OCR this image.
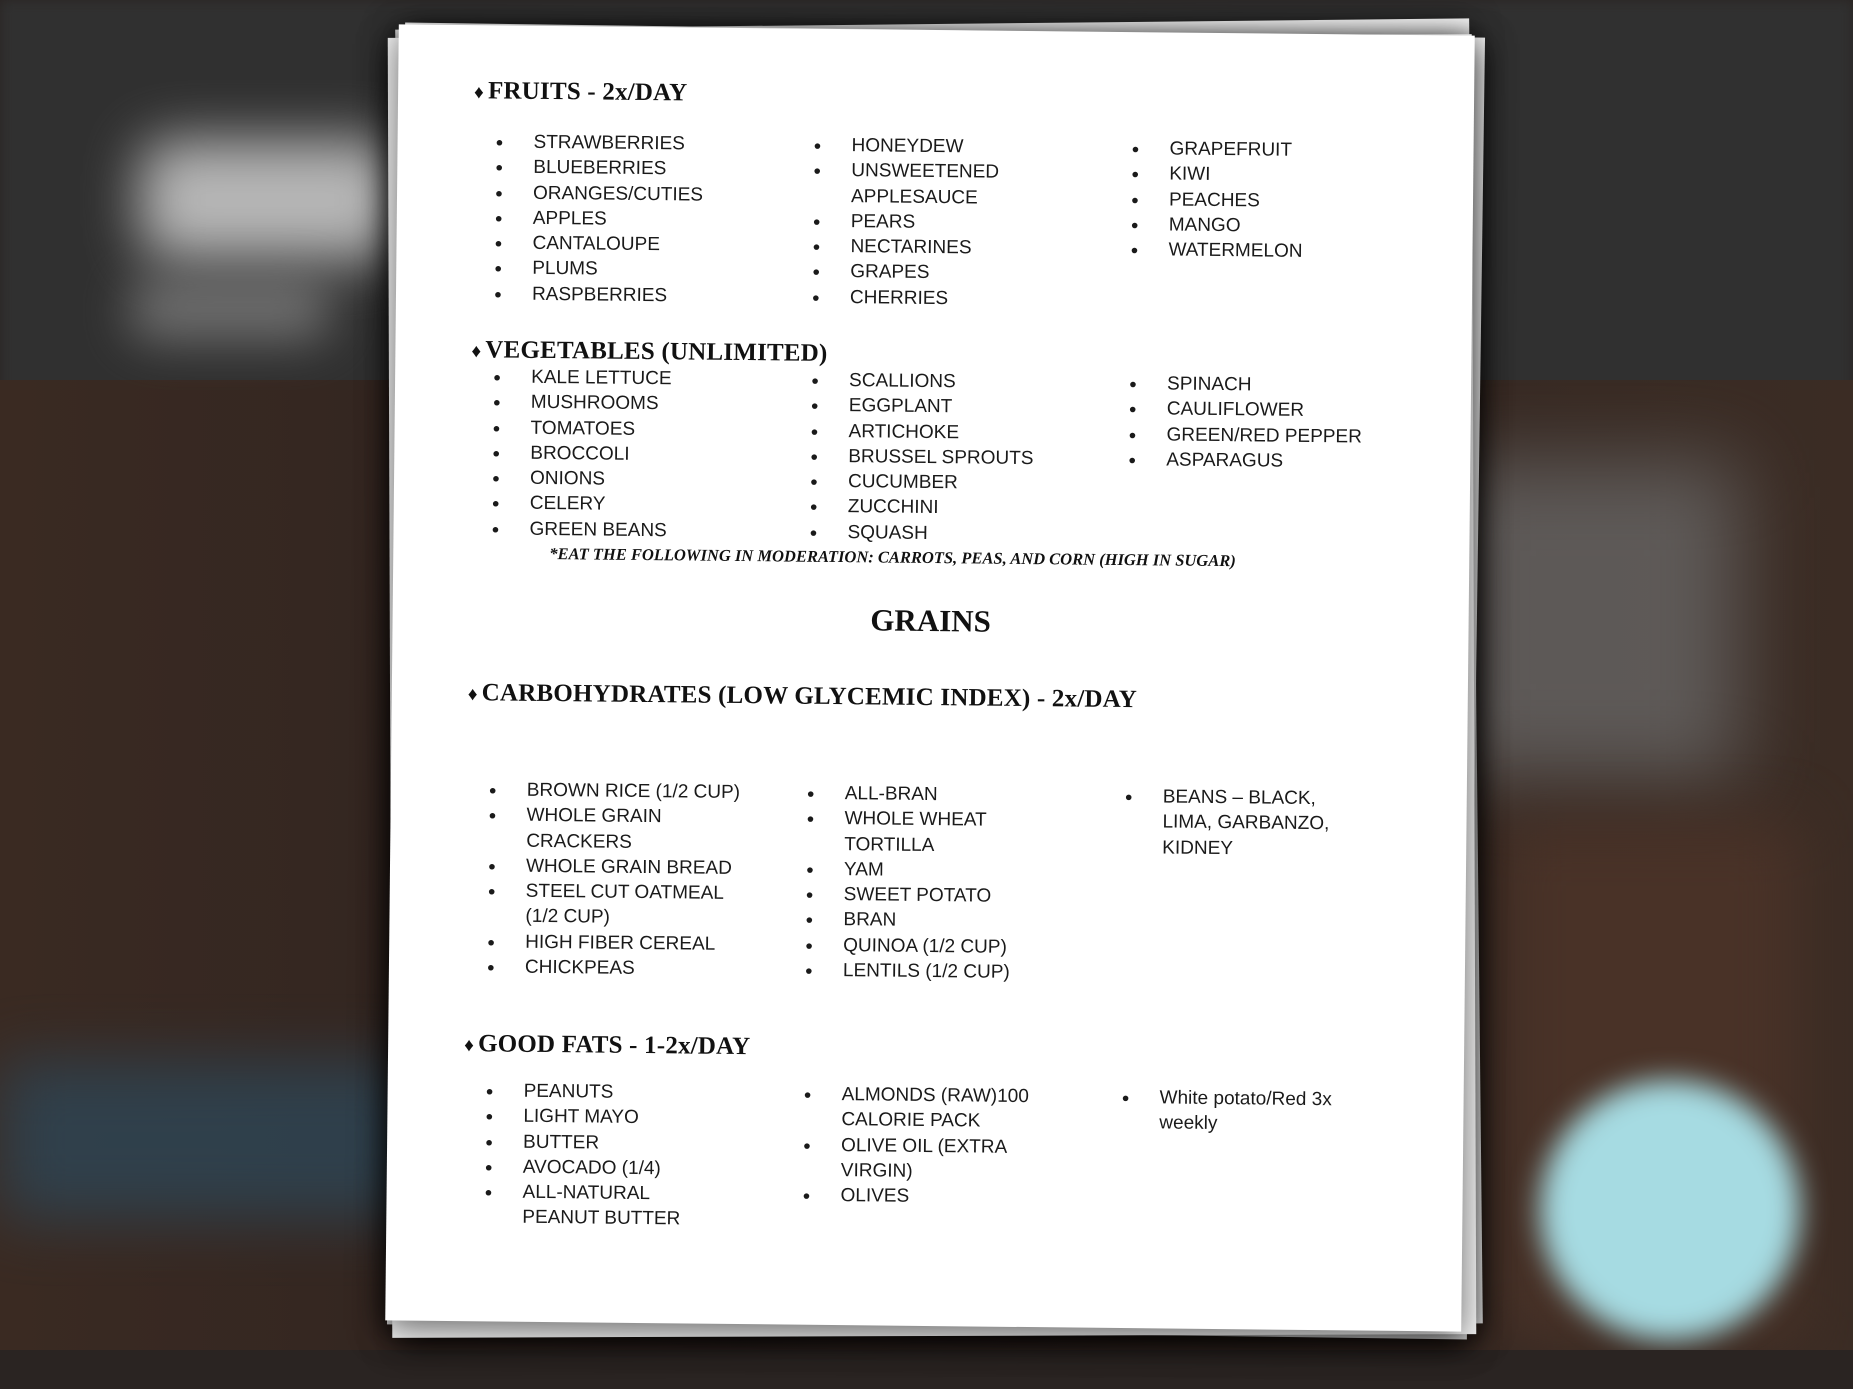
♦ FRUITS - 2x/DAY
● STRAWBERRIES
● BLUEBERRIES
● ORANGES/CUTIES
● APPLES
● CANTALOUPE
● PLUMS
● RASPBERRIES
● HONEYDEW
● UNSWEETENED
APPLESAUCE
● PEARS
● NECTARINES
● GRAPES
● CHERRIES
● GRAPEFRUIT
● KIWI
● PEACHES
● MANGO
● WATERMELON
♦ VEGETABLES (UNLIMITED)
● KALE LETTUCE
● MUSHROOMS
● TOMATOES
● BROCCOLI
● ONIONS
● CELERY
● GREEN BEANS
● SCALLIONS
● EGGPLANT
● ARTICHOKE
● BRUSSEL SPROUTS
● CUCUMBER
● ZUCCHINI
● SQUASH
● SPINACH
● CAULIFLOWER
● GREEN/RED PEPPER
● ASPARAGUS
*EAT THE FOLLOWING IN MODERATION: CARROTS, PEAS, AND CORN (HIGH IN SUGAR)
GRAINS
♦ CARBOHYDRATES (LOW GLYCEMIC INDEX) - 2x/DAY
● BROWN RICE (1/2 CUP)
● WHOLE GRAIN
CRACKERS
● WHOLE GRAIN BREAD
● STEEL CUT OATMEAL
(1/2 CUP)
● HIGH FIBER CEREAL
● CHICKPEAS
● ALL-BRAN
● WHOLE WHEAT
TORTILLA
● YAM
● SWEET POTATO
● BRAN
● QUINOA (1/2 CUP)
● LENTILS (1/2 CUP)
● BEANS – BLACK,
LIMA, GARBANZO,
KIDNEY
♦ GOOD FATS - 1-2x/DAY
● PEANUTS
● LIGHT MAYO
● BUTTER
● AVOCADO (1/4)
● ALL-NATURAL
PEANUT BUTTER
● ALMONDS (RAW)100
CALORIE PACK
● OLIVE OIL (EXTRA
VIRGIN)
● OLIVES
● White potato/Red 3x
weekly
